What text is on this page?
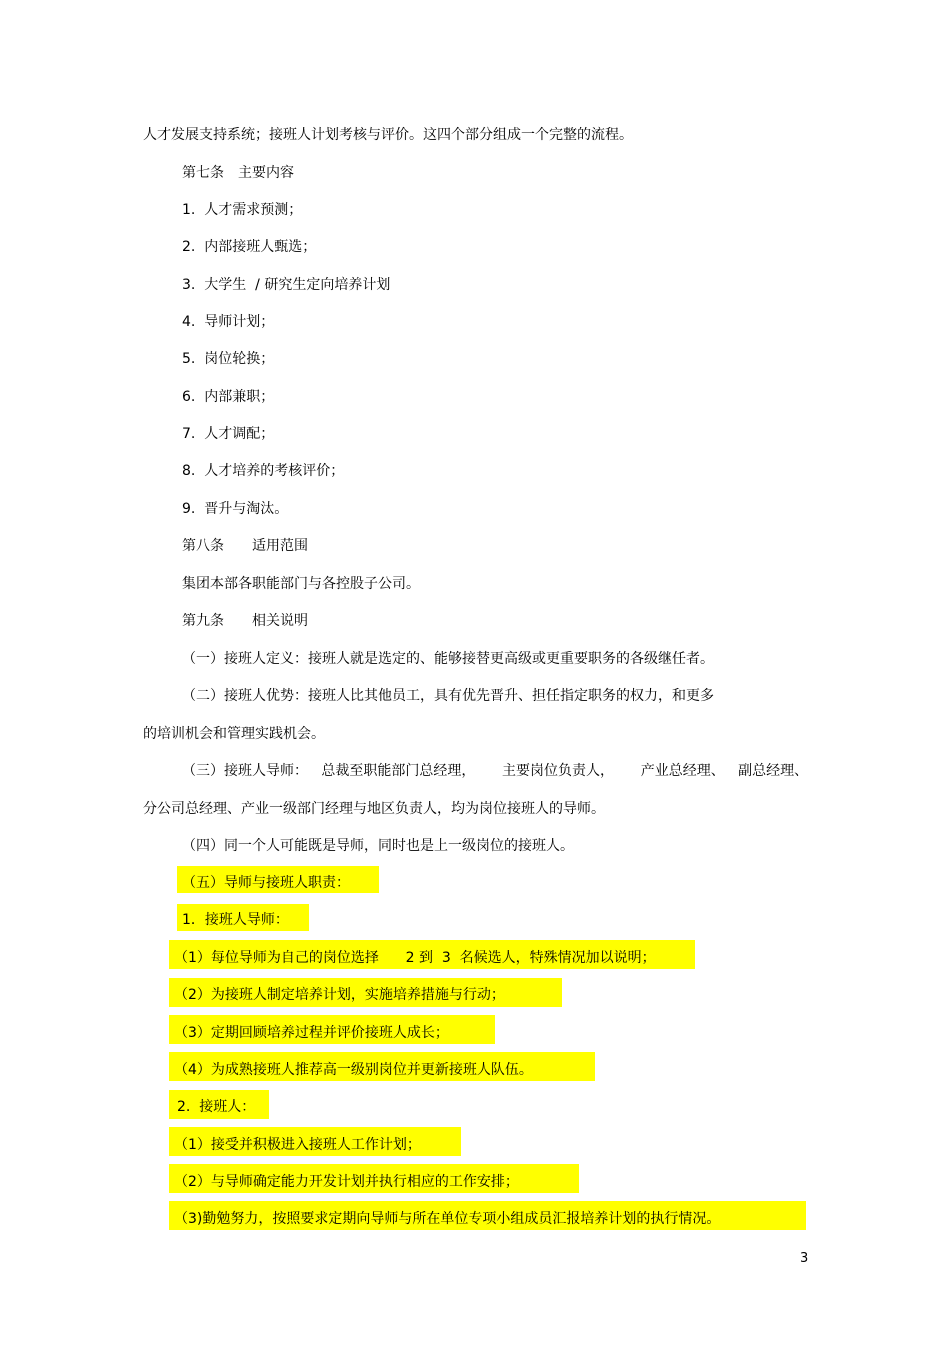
人才发展支持系统；接班人计划考核与评价。这四个部分组成一个完整的流程。
第七条　主要内容
1.  人才需求预测；
2.  内部接班人甄选；
3.  大学生  / 研究生定向培养计划
4.  导师计划；
5.  岗位轮换；
6.  内部兼职；
7.  人才调配；
8.  人才培养的考核评价；
9.  晋升与淘汰。
第八条　　适用范围
集团本部各职能部门与各控股子公司。
第九条　　相关说明
（一）接班人定义：接班人就是选定的、能够接替更高级或更重要职务的各级继任者。
（二）接班人优势：接班人比其他员工，具有优先晋升、担任指定职务的权力，和更多
的培训机会和管理实践机会。
（三）接班人导师：   总裁至职能部门总经理，      主要岗位负责人，      产业总经理、   副总经理、
分公司总经理、产业一级部门经理与地区负责人，均为岗位接班人的导师。
（四）同一个人可能既是导师，同时也是上一级岗位的接班人。
（五）导师与接班人职责：
1．接班人导师：
（1）每位导师为自己的岗位选择      2 到  3  名候选人，特殊情况加以说明；
（2）为接班人制定培养计划，实施培养措施与行动；
（3）定期回顾培养过程并评价接班人成长；
（4）为成熟接班人推荐高一级别岗位并更新接班人队伍。
2.  接班人：
（1）接受并积极进入接班人工作计划；
（2）与导师确定能力开发计划并执行相应的工作安排；
（3)勤勉努力，按照要求定期向导师与所在单位专项小组成员汇报培养计划的执行情况。
3
